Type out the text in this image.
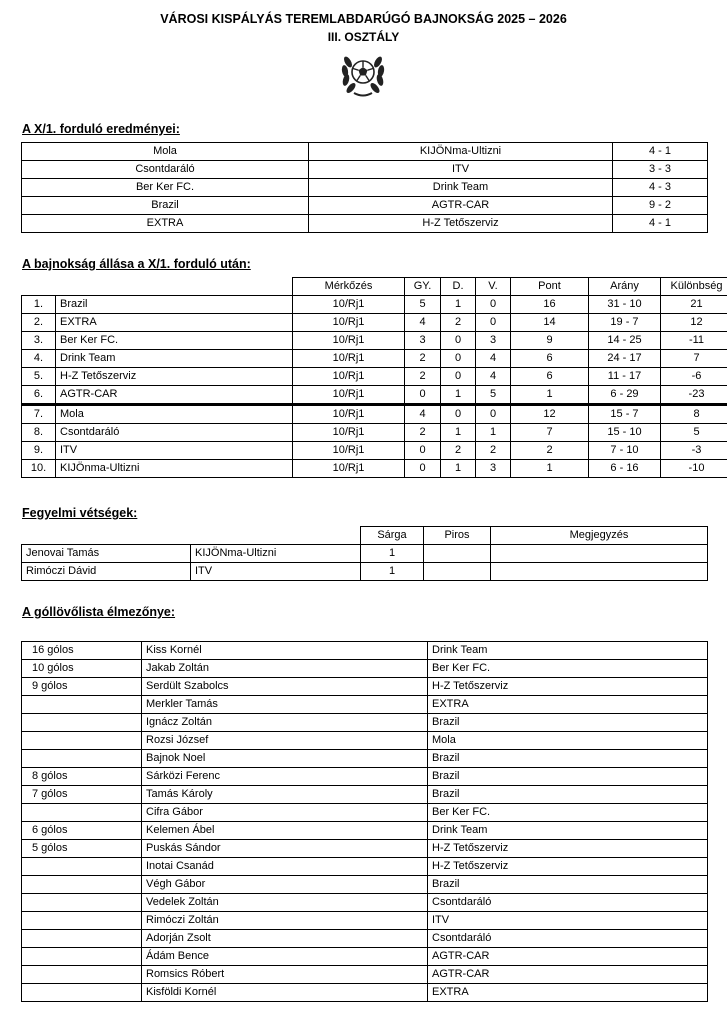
VÁROSI KISPÁLYÁS TEREMLABDARÚGÓ BAJNOKSÁG 2025 – 2026
III. OSZTÁLY
A X/1. forduló eredményei:
Mola	KIJÖNma-Ultizni	4 - 1
Csontdaráló	ITV	3 - 3
Ber Ker FC.	Drink Team	4 - 3
Brazil	AGTR-CAR	9 - 2
EXTRA	H-Z Tetőszerviz	4 - 1
A bajnokság állása a X/1. forduló után:
		Mérkőzés	GY.	D.	V.	Pont	Arány	Különbség
1.	Brazil	10/Rj1	5	1	0	16	31 - 10	21
2.	EXTRA	10/Rj1	4	2	0	14	19 - 7	12
3.	Ber Ker FC.	10/Rj1	3	0	3	9	14 - 25	-11
4.	Drink Team	10/Rj1	2	0	4	6	24 - 17	7
5.	H-Z Tetőszerviz	10/Rj1	2	0	4	6	11 - 17	-6
6.	AGTR-CAR	10/Rj1	0	1	5	1	6 - 29	-23
7.	Mola	10/Rj1	4	0	0	12	15 - 7	8
8.	Csontdaráló	10/Rj1	2	1	1	7	15 - 10	5
9.	ITV	10/Rj1	0	2	2	2	7 - 10	-3
10.	KIJÖnma-Ultizni	10/Rj1	0	1	3	1	6 - 16	-10
Fegyelmi vétségek:
		Sárga	Piros	Megjegyzés
Jenovai Tamás	KIJÖNma-Ultizni	1		
Rimóczi Dávid	ITV	1		
A góllövőlista élmezőnye:
16 gólos	Kiss Kornél	Drink Team
10 gólos	Jakab Zoltán	Ber Ker FC.
9 gólos	Serdült Szabolcs	H-Z Tetőszerviz
	Merkler Tamás	EXTRA
	Ignácz Zoltán	Brazil
	Rozsi József	Mola
	Bajnok Noel	Brazil
8 gólos	Sárközi Ferenc	Brazil
7 gólos	Tamás Károly	Brazil
	Cifra Gábor	Ber Ker FC.
6 gólos	Kelemen Ábel	Drink Team
5 gólos	Puskás Sándor	H-Z Tetőszerviz
	Inotai Csanád	H-Z Tetőszerviz
	Végh Gábor	Brazil
	Vedelek Zoltán	Csontdaráló
	Rimóczi Zoltán	ITV
	Adorján Zsolt	Csontdaráló
	Ádám Bence	AGTR-CAR
	Romsics Róbert	AGTR-CAR
	Kisföldi Kornél	EXTRA
